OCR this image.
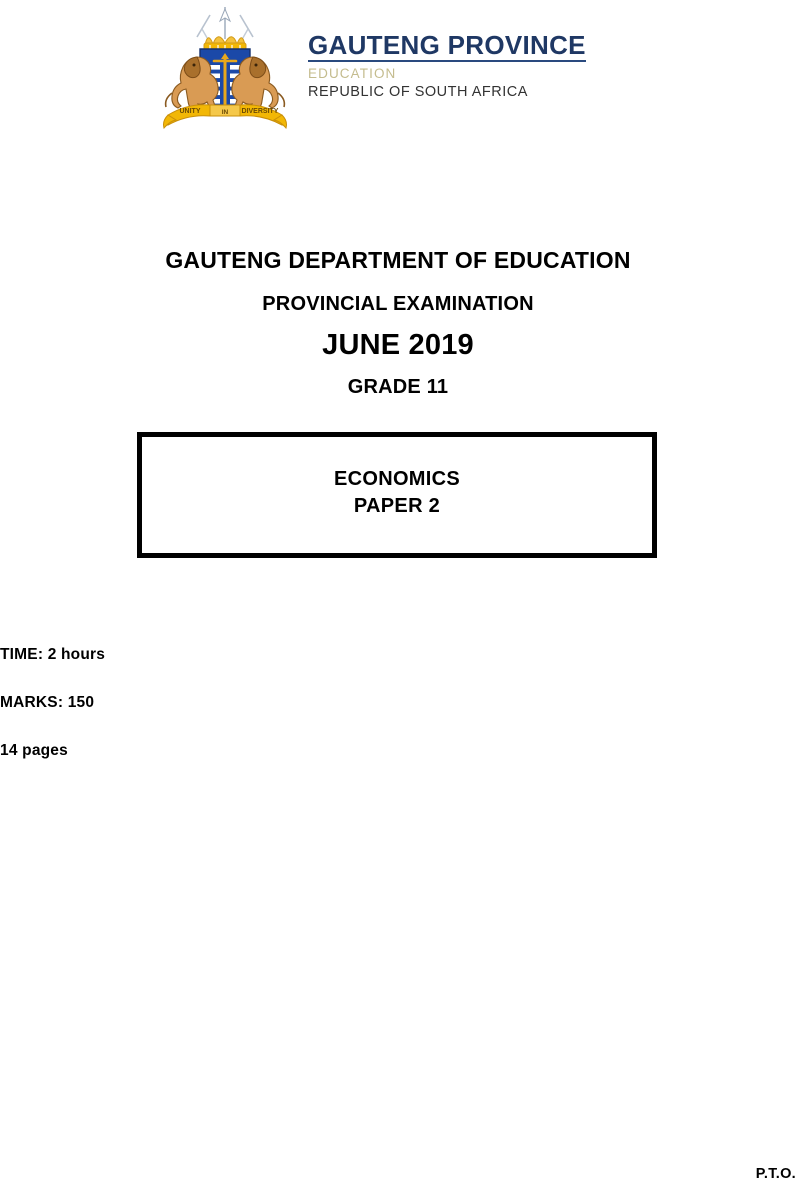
UNITY	IN DIVERSITY
GAUTENG PROVINCE
EDUCATION
REPUBLIC OF SOUTH AFRICA
GAUTENG DEPARTMENT OF EDUCATION
PROVINCIAL EXAMINATION
JUNE 2019
GRADE 11
ECONOMICS
PAPER 2
TIME: 2 hours
MARKS: 150
14 pages
P.T.O.
